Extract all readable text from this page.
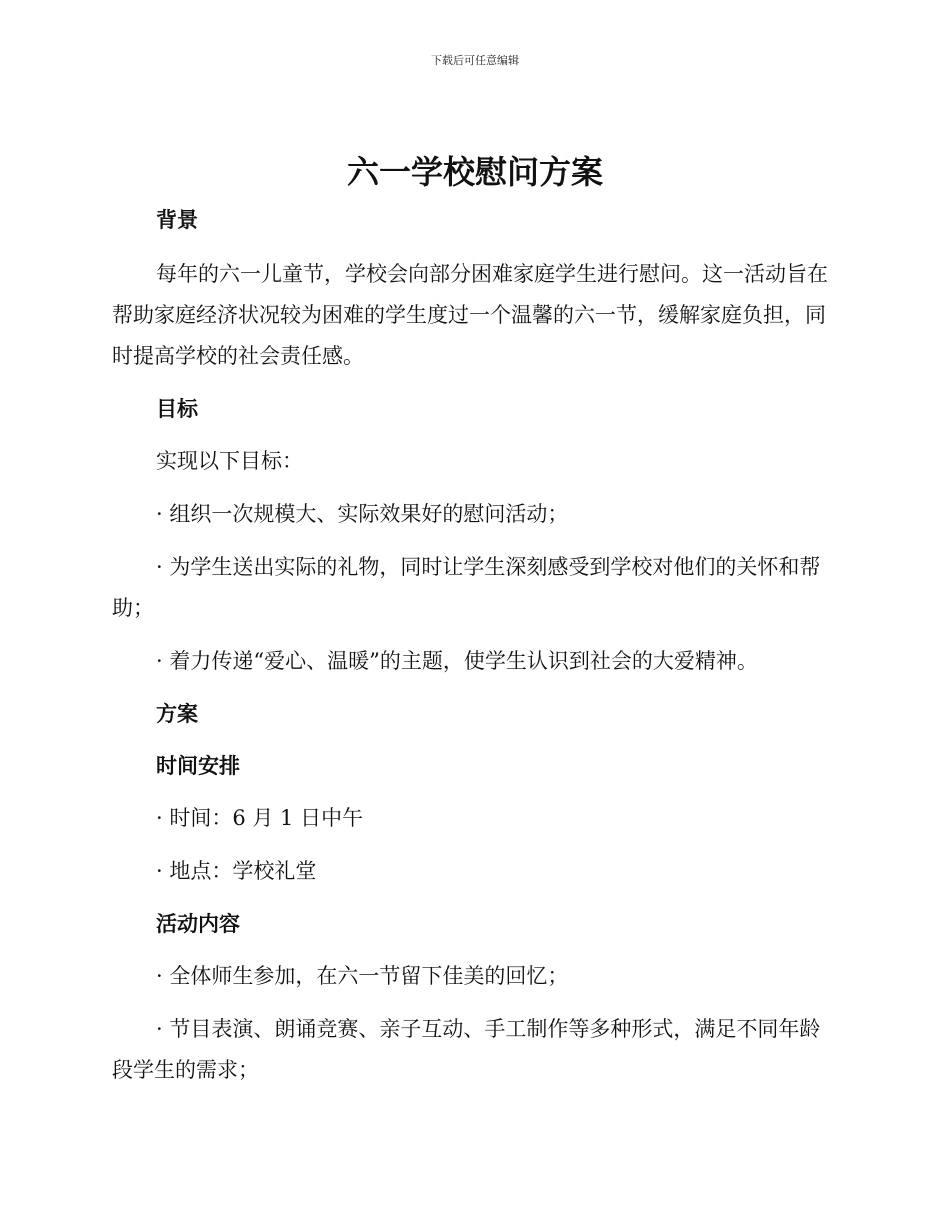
下载后可任意编辑
六一学校慰问方案

背景

每年的六一儿童节，学校会向部分困难家庭学生进行慰问。这一活动旨在帮助家庭经济状况较为困难的学生度过一个温馨的六一节，缓解家庭负担，同时提高学校的社会责任感。

目标

实现以下目标：

· 组织一次规模大、实际效果好的慰问活动；

· 为学生送出实际的礼物，同时让学生深刻感受到学校对他们的关怀和帮助；

· 着力传递“爱心、温暖”的主题，使学生认识到社会的大爱精神。

方案

时间安排

· 时间：6 月 1 日中午

· 地点：学校礼堂

活动内容

· 全体师生参加，在六一节留下佳美的回忆；

· 节目表演、朗诵竞赛、亲子互动、手工制作等多种形式，满足不同年龄段学生的需求；
